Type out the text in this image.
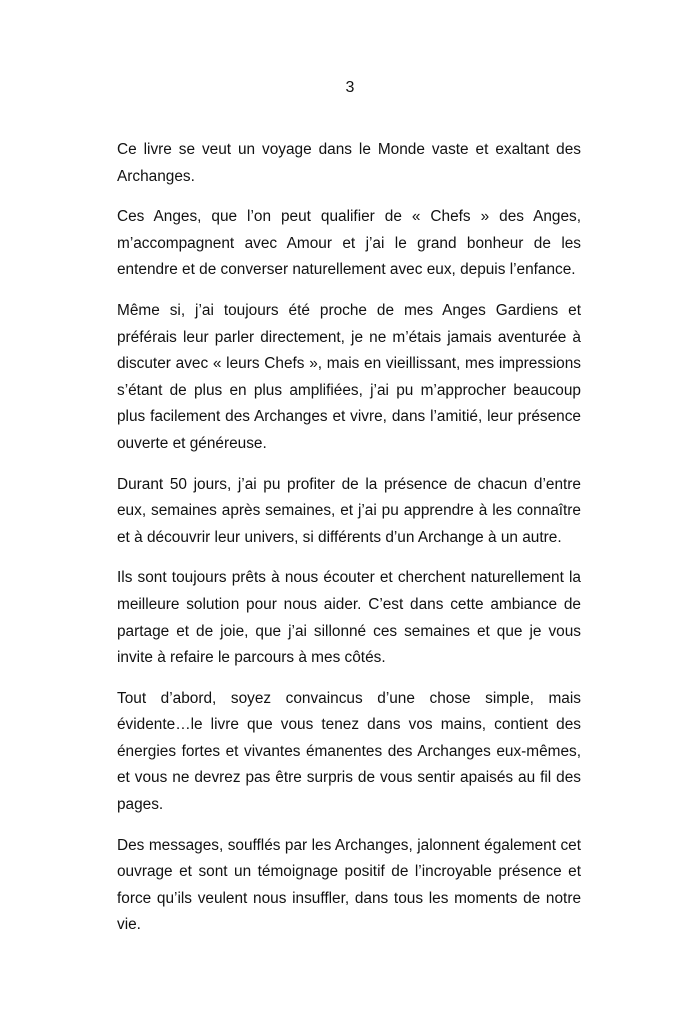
3

Ce livre se veut un voyage dans le Monde vaste et exaltant des Archanges.

Ces Anges, que l’on peut qualifier de « Chefs » des Anges, m’accompagnent avec Amour et j’ai le grand bonheur de les entendre et de converser naturellement avec eux, depuis l’enfance.

Même si, j’ai toujours été proche de mes Anges Gardiens et préférais leur parler directement, je ne m’étais jamais aventurée à discuter avec « leurs Chefs », mais en vieillissant, mes impressions s’étant de plus en plus amplifiées, j’ai pu m’approcher beaucoup plus facilement des Archanges et vivre, dans l’amitié, leur présence ouverte et généreuse.

Durant 50 jours, j’ai pu profiter de la présence de chacun d’entre eux, semaines après semaines, et j’ai pu apprendre à les connaître et à découvrir leur univers, si différents d’un Archange à un autre.

Ils sont toujours prêts à nous écouter et cherchent naturellement la meilleure solution pour nous aider. C’est dans cette ambiance de partage et de joie, que j’ai sillonné ces semaines et que je vous invite à refaire le parcours à mes côtés.

Tout d’abord, soyez convaincus d’une chose simple, mais évidente…le livre que vous tenez dans vos mains, contient des énergies fortes et vivantes émanentes des Archanges eux-mêmes, et vous ne devrez pas être surpris de vous sentir apaisés au fil des pages.

Des messages, soufflés par les Archanges, jalonnent également cet ouvrage et sont un témoignage positif de l’incroyable présence et force qu’ils veulent nous insuffler, dans tous les moments de notre vie.
